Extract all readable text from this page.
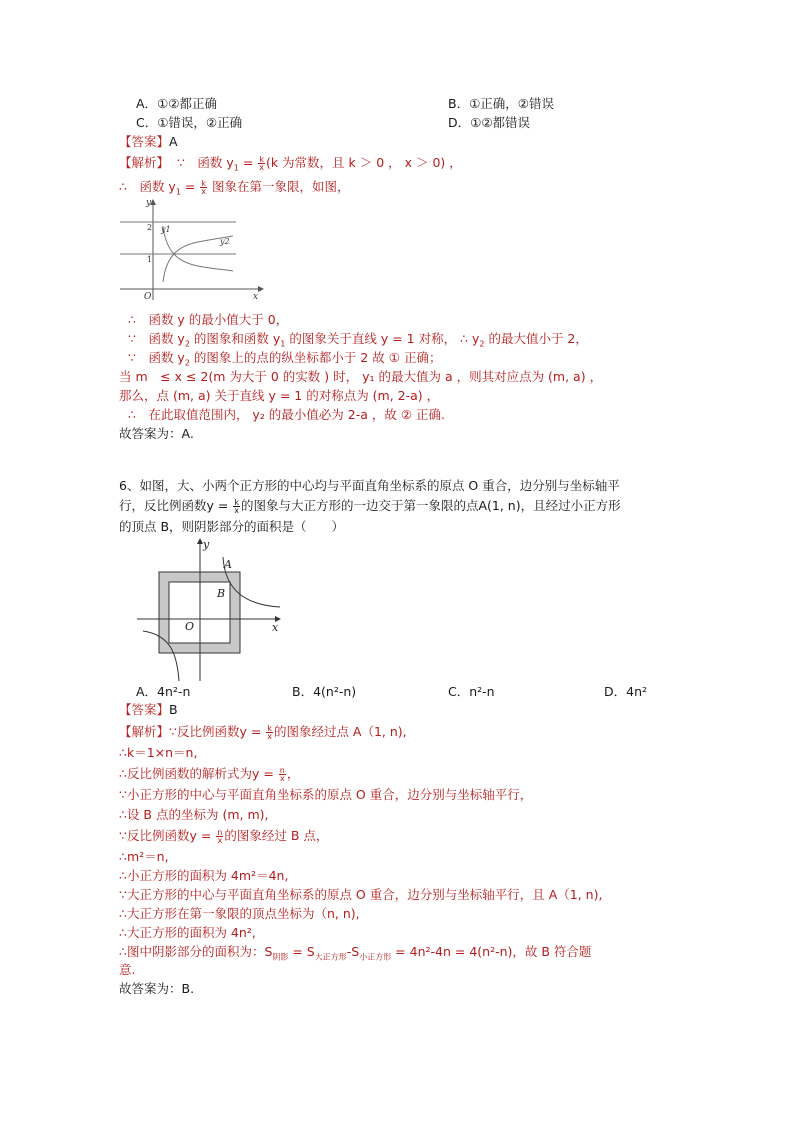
A．①②都正确	B．①正确，②错误
C．①错误，②正确	D．①②都错误
【答案】A
【解析】 ∵　函数 $y_1 = \frac{k}{x} (k$ 为常数，且 k ＞ 0 ， x ＞ 0) ，
∴　函数 $y_1 = \frac{k}{x}$ 图象在第一象限，如图，
y
x
O
2
1
y1
y2
∴　函数 y 的最小值大于 0，
∵　函数 $y_2$ 的图象和函数 $y_1$ 的图象关于直线 y = 1 对称， ∴ $y_2$ 的最大值小于 2，
∵　函数 $y_2$ 的图象上的点的纵坐标都小于 2 故 ① 正确；
当 m　≤ x ≤ 2(m 为大于 0 的实数 ) 时， y₁ 的最大值为 a ，则其对应点为 (m, a) ，
那么，点 (m, a) 关于直线 y = 1 的对称点为 (m, 2-a) ，
∴　在此取值范围内， y₂ 的最小值必为 2-a ，故 ② 正确.
故答案为：A.
6、如图，大、小两个正方形的中心均与平面直角坐标系的原点 O 重合，边分别与坐标轴平
行，反比例函数$y = \frac{k}{x}$ 的图象与大正方形的一边交于第一象限的点A(1, n)，且经过小正方形
的顶点 B，则阴影部分的面积是（　　）
y
x
A
B
O
A．4n²-n	B．4(n²-n)	C．n²-n	D．4n²
【答案】B
【解析】∵反比例函数$y = \frac{k}{x}$ 的图象经过点 A（1, n),
∴k＝1×n＝n,
∴反比例函数的解析式为$y = \frac{n}{x}$ ，
∵小正方形的中心与平面直角坐标系的原点 O 重合，边分别与坐标轴平行，
∴设 B 点的坐标为 (m, m),
∵反比例函数$y = \frac{n}{x}$ 的图象经过 B 点，
∴m²＝n,
∴小正方形的面积为 4m²＝4n,
∵大正方形的中心与平面直角坐标系的原点 O 重合，边分别与坐标轴平行，且 A（1, n),
∴大正方形在第一象限的顶点坐标为（n, n),
∴大正方形的面积为 4n²,
∴图中阴影部分的面积为：$S_{阴影} = S_{大正方形}-S_{小正方形} = 4n^2-4n = 4(n^2-n)$，故 B 符合题
意.
故答案为：B.
